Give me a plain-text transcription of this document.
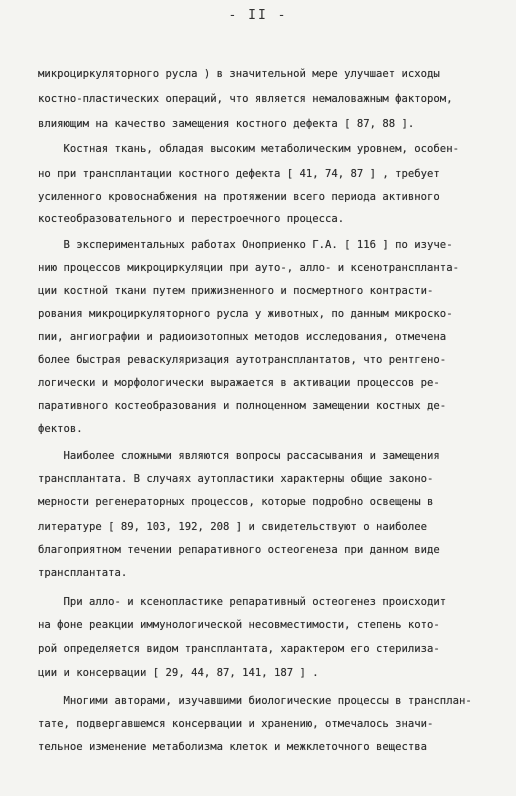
- II -
микроциркуляторного русла ) в значительной мере улучшает исходы
костно-пластических операций, что является немаловажным фактором,
влияющим на качество замещения костного дефекта [ 87, 88 ].
Костная ткань, обладая высоким метаболическим уровнем, особен-
но при трансплантации костного дефекта [ 41, 74, 87 ] , требует
усиленного кровоснабжения на протяжении всего периода активного
костеобразовательного и перестроечного процесса.
В экспериментальных работах Оноприенко Г.А. [ 116 ] по изуче-
нию процессов микроциркуляции при ауто-, алло- и ксенотранспланта-
ции костной ткани путем прижизненного и посмертного контрасти-
рования микроциркуляторного русла у животных, по данным микроско-
пии, ангиографии и радиоизотопных методов исследования, отмечена
более быстрая реваскуляризация аутотрансплантатов, что рентгено-
логически и морфологически выражается в активации процессов ре-
паративного костеобразования и полноценном замещении костных де-
фектов.
Наиболее сложными являются вопросы рассасывания и замещения
трансплантата. В случаях аутопластики характерны общие законо-
мерности регенераторных процессов, которые подробно освещены в
литературе [ 89, 103, 192, 208 ] и свидетельствуют о наиболее
благоприятном течении репаративного остеогенеза при данном виде
трансплантата.
При алло- и ксенопластике репаративный остеогенез происходит
на фоне реакции иммунологической несовместимости, степень кото-
рой определяется видом трансплантата, характером его стерилиза-
ции и консервации [ 29, 44, 87, 141, 187 ] .
Многими авторами, изучавшими биологические процессы в трансплан-
тате, подвергавшемся консервации и хранению, отмечалось значи-
тельное изменение метаболизма клеток и межклеточного вещества
